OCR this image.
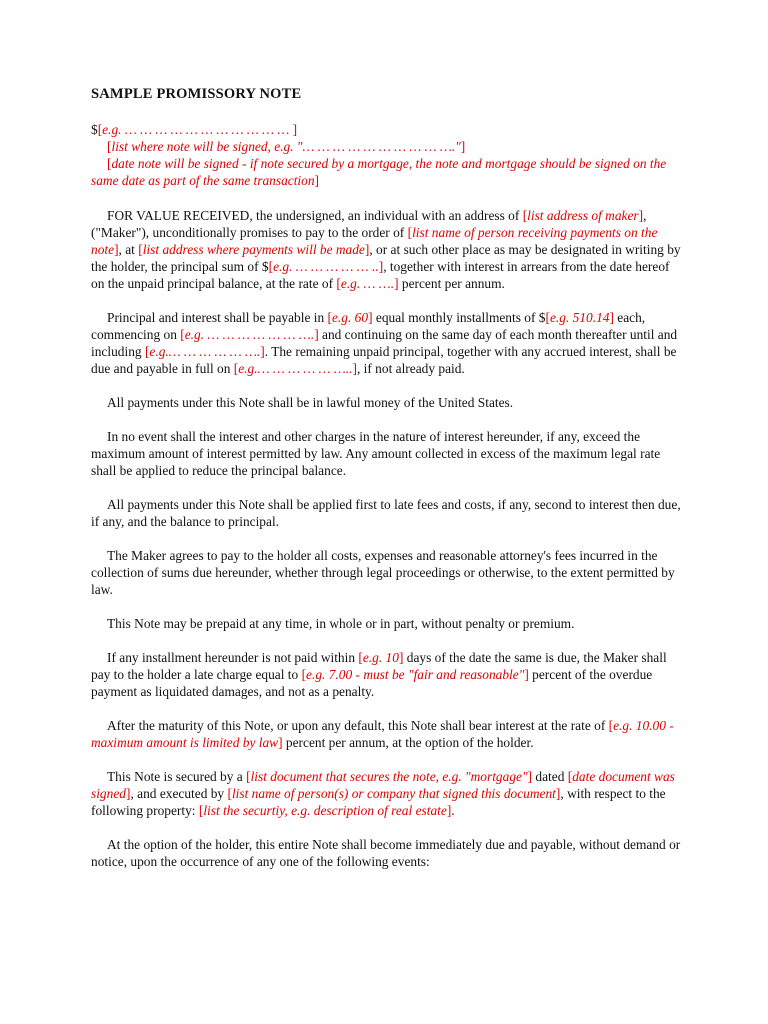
SAMPLE PROMISSORY NOTE
$[e.g. … … … … … … … … … … … ]
[list where note will be signed, e.g. "… … … … … … … … … …."]
[date note will be signed - if note secured by a mortgage, the note and mortgage should be signed on the same date as part of the same transaction]

FOR VALUE RECEIVED, the undersigned, an individual with an address of [list address of maker], ("Maker"), unconditionally promises to pay to the order of [list name of person receiving payments on the note], at [list address where payments will be made], or at such other place as may be designated in writing by the holder, the principal sum of $[e.g. … … … … … ..], together with interest in arrears from the date hereof on the unpaid principal balance, at the rate of [e.g. … ….] percent per annum.

Principal and interest shall be payable in [e.g. 60] equal monthly installments of $[e.g. 510.14] each, commencing on [e.g. … … … … … … ….] and continuing on the same day of each month thereafter until and including [e.g.… … … … … ….]. The remaining unpaid principal, together with any accrued interest, shall be due and payable in full on [e.g.… … … … … …..], if not already paid.

All payments under this Note shall be in lawful money of the United States.

In no event shall the interest and other charges in the nature of interest hereunder, if any, exceed the maximum amount of interest permitted by law. Any amount collected in excess of the maximum legal rate shall be applied to reduce the principal balance.

All payments under this Note shall be applied first to late fees and costs, if any, second to interest then due, if any, and the balance to principal.

The Maker agrees to pay to the holder all costs, expenses and reasonable attorney's fees incurred in the collection of sums due hereunder, whether through legal proceedings or otherwise, to the extent permitted by law.

This Note may be prepaid at any time, in whole or in part, without penalty or premium.

If any installment hereunder is not paid within [e.g. 10] days of the date the same is due, the Maker shall pay to the holder a late charge equal to [e.g. 7.00 - must be "fair and reasonable"] percent of the overdue payment as liquidated damages, and not as a penalty.

After the maturity of this Note, or upon any default, this Note shall bear interest at the rate of [e.g. 10.00 - maximum amount is limited by law] percent per annum, at the option of the holder.

This Note is secured by a [list document that secures the note, e.g. "mortgage"] dated [date document was signed], and executed by [list name of person(s) or company that signed this document], with respect to the following property: [list the securtiy, e.g. description of real estate].

At the option of the holder, this entire Note shall become immediately due and payable, without demand or notice, upon the occurrence of any one of the following events:
